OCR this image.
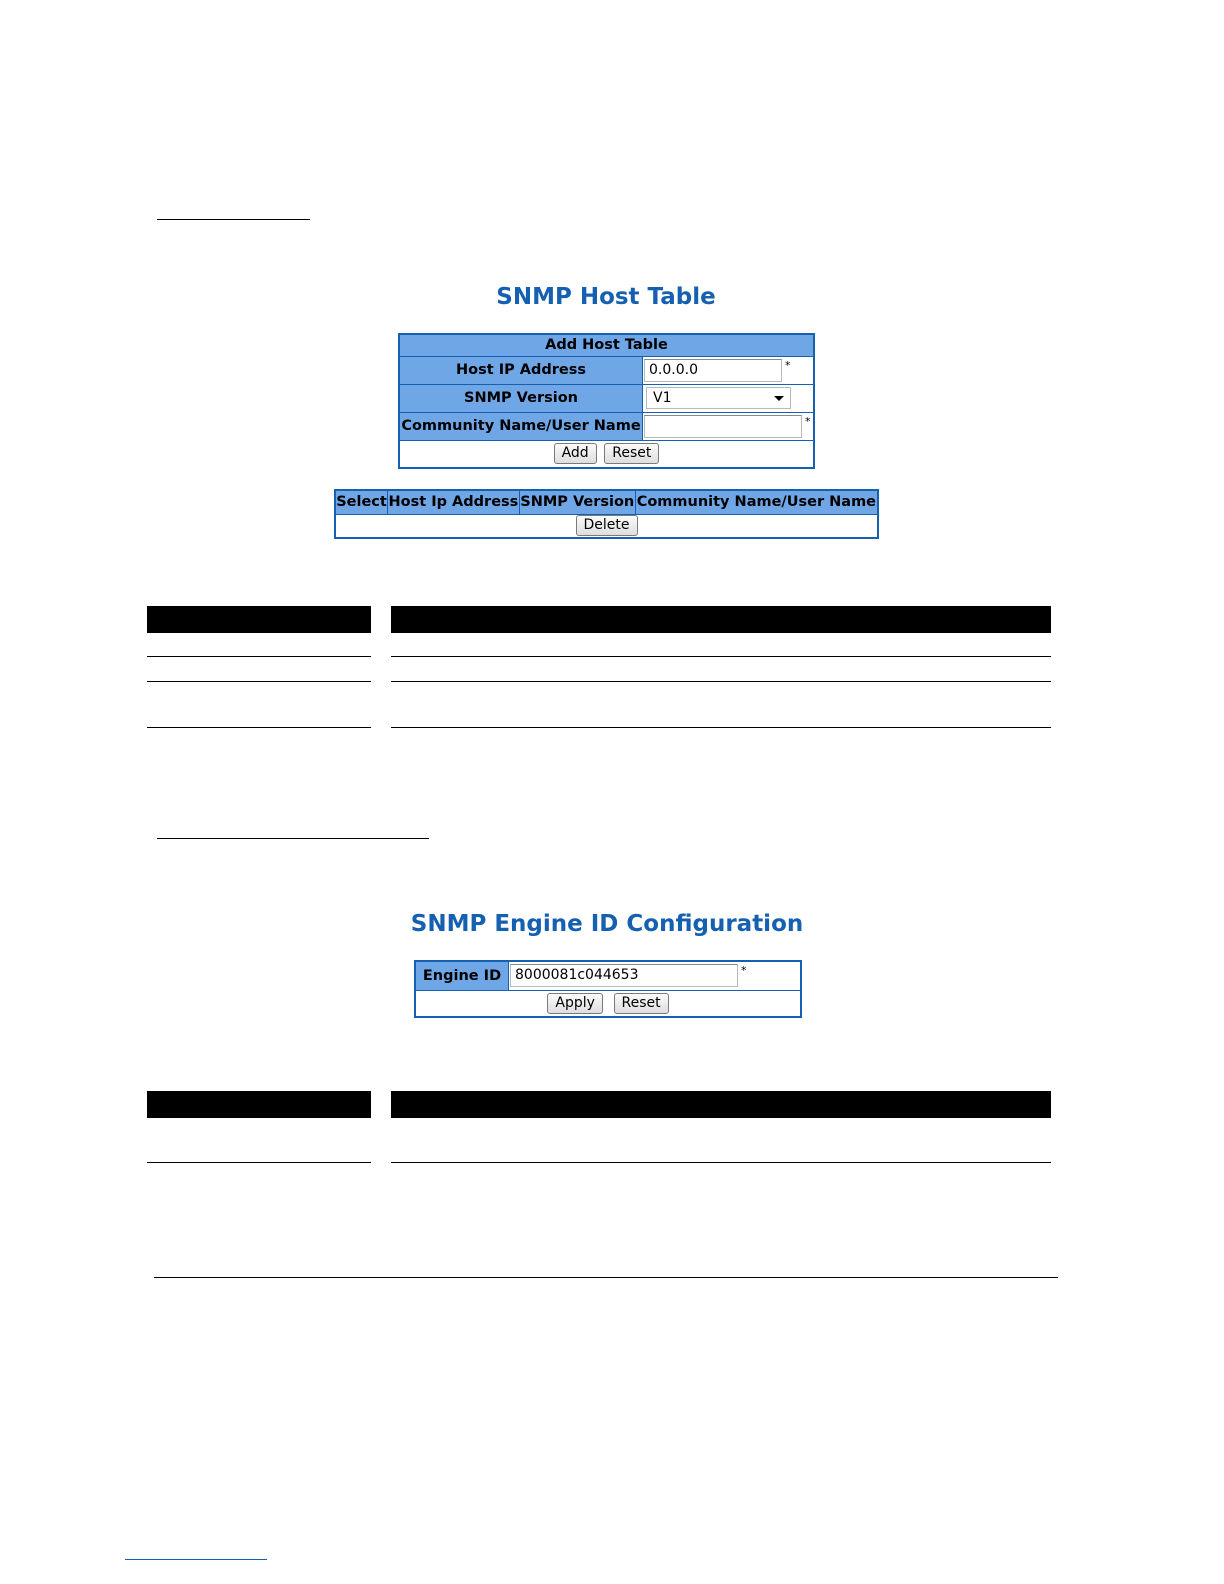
SNMP Host Table
Add Host Table	
Host IP Address	0.0.0.0 *
SNMP Version	V1

Community Name/User Name	*
Add Reset	
Select	Host Ip Address	SNMP Version	Community Name/User Name
Delete
SNMP Engine ID Configuration
Engine ID	8000081c044653	*
Apply Reset
